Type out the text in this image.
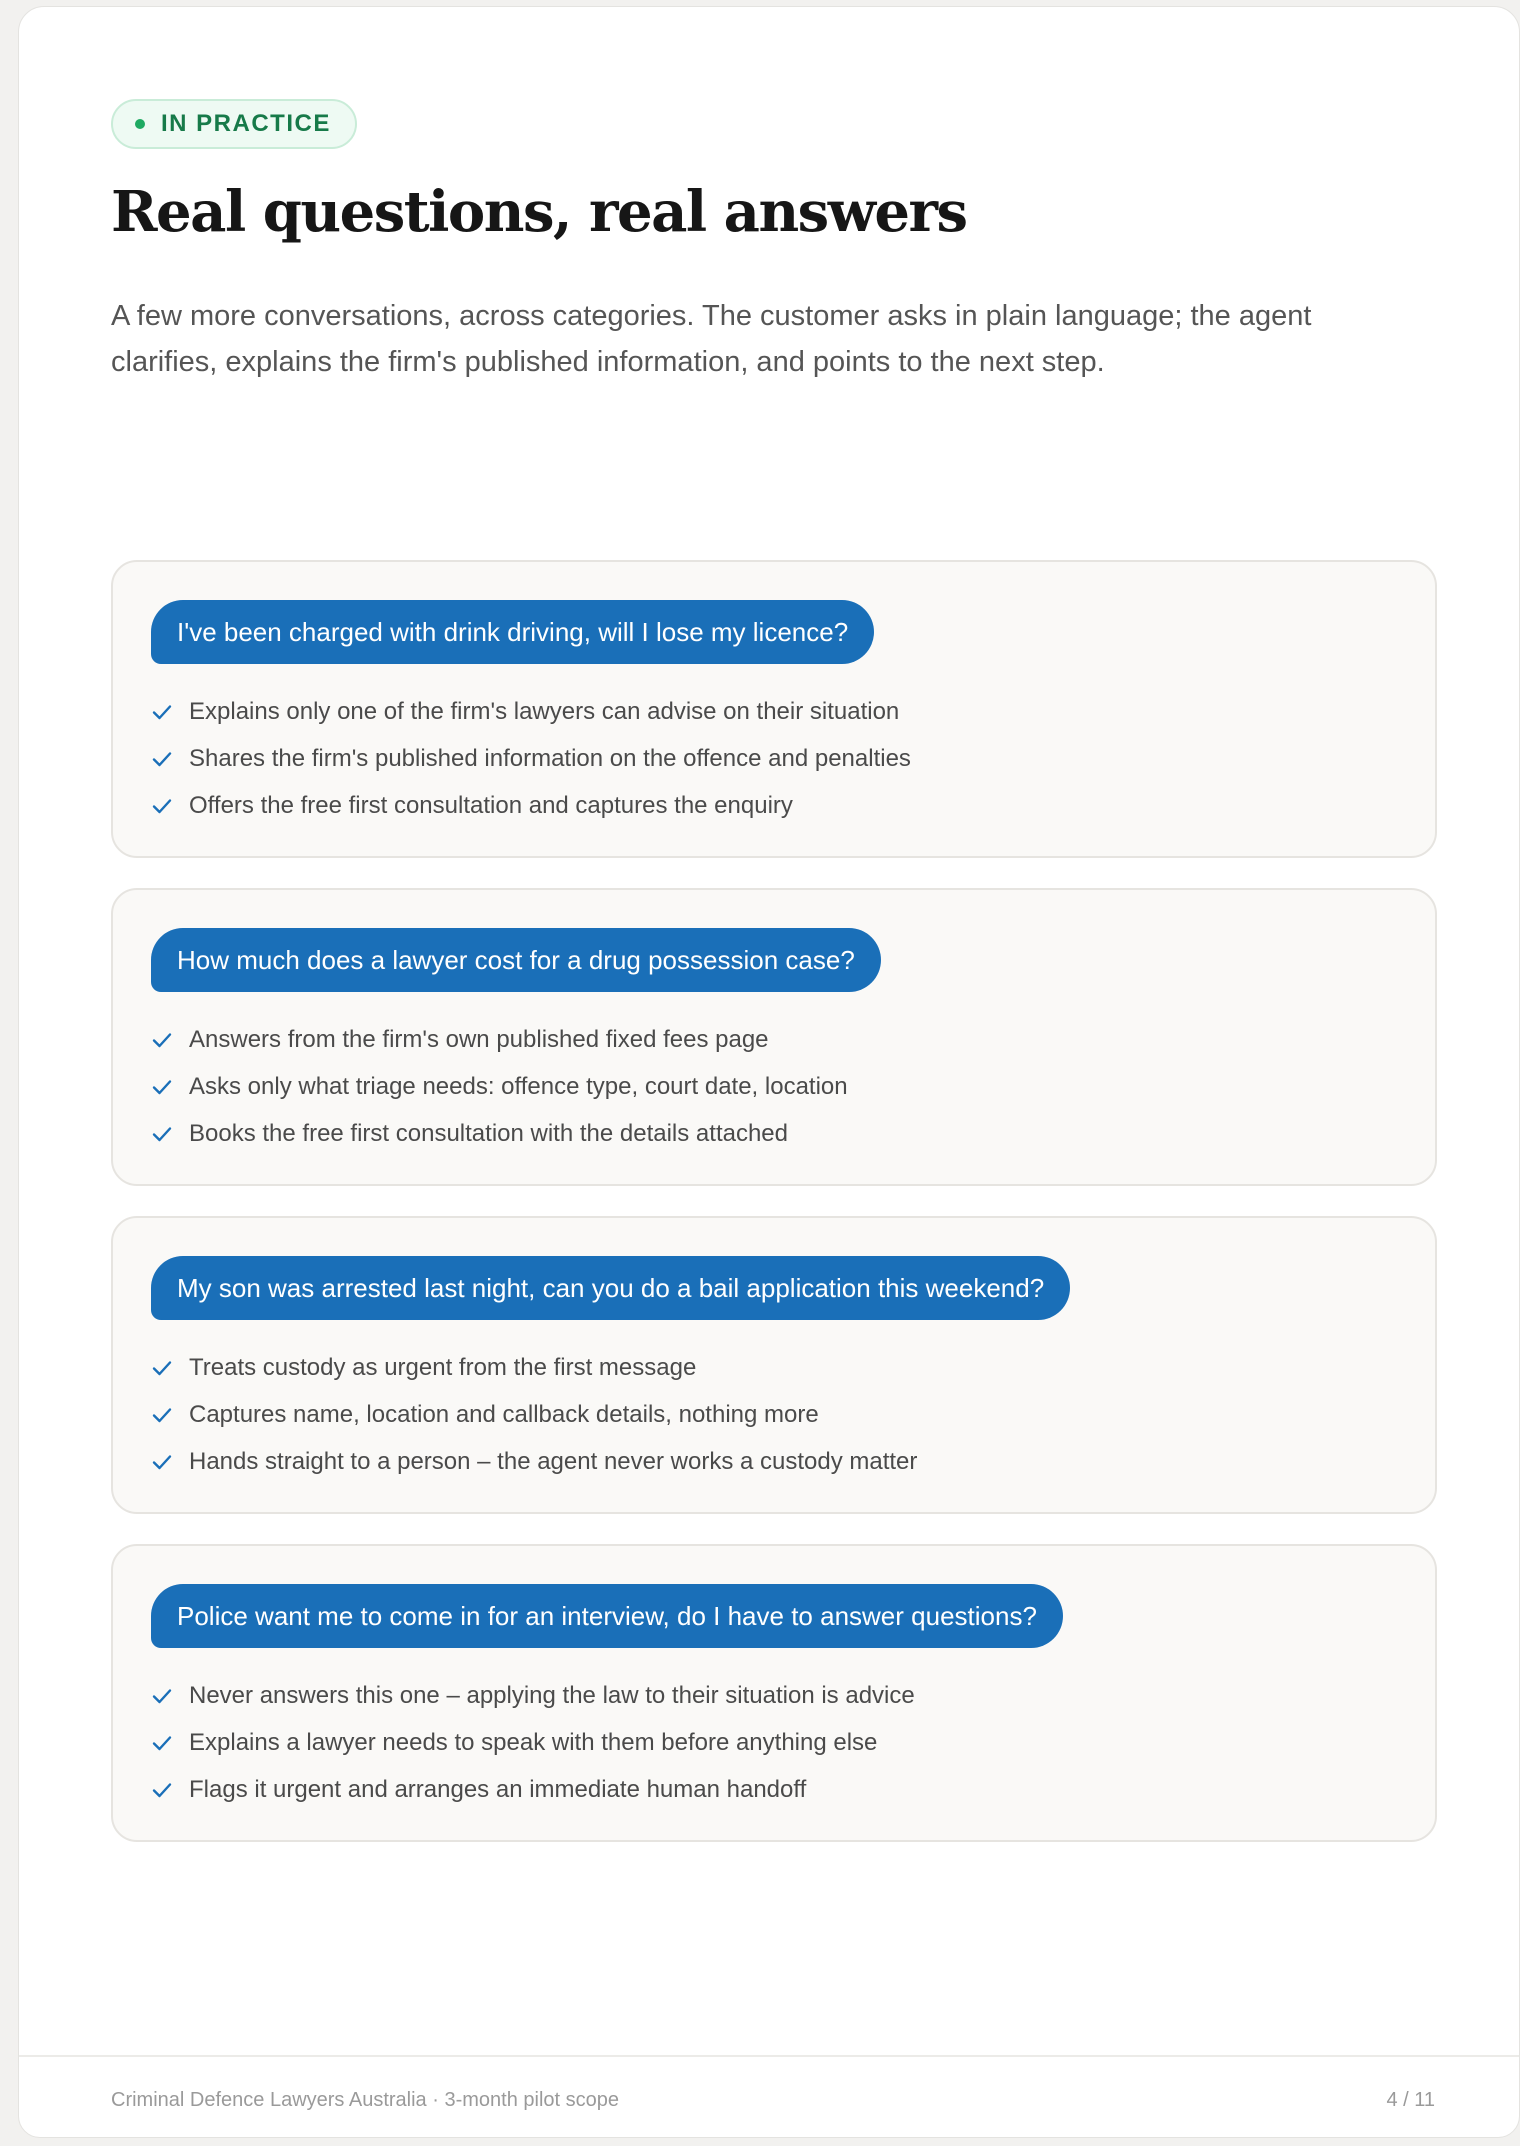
IN PRACTICE
Real questions, real answers

A few more conversations, across categories. The customer asks in plain language; the agent clarifies, explains the firm's published information, and points to the next step.

I've been charged with drink driving, will I lose my licence?
Explains only one of the firm's lawyers can advise on their situation
Shares the firm's published information on the offence and penalties
Offers the free first consultation and captures the enquiry
How much does a lawyer cost for a drug possession case?
Answers from the firm's own published fixed fees page
Asks only what triage needs: offence type, court date, location
Books the free first consultation with the details attached
My son was arrested last night, can you do a bail application this weekend?
Treats custody as urgent from the first message
Captures name, location and callback details, nothing more
Hands straight to a person – the agent never works a custody matter
Police want me to come in for an interview, do I have to answer questions?
Never answers this one – applying the law to their situation is advice
Explains a lawyer needs to speak with them before anything else
Flags it urgent and arranges an immediate human handoff
Criminal Defence Lawyers Australia · 3-month pilot scope	4 / 11
